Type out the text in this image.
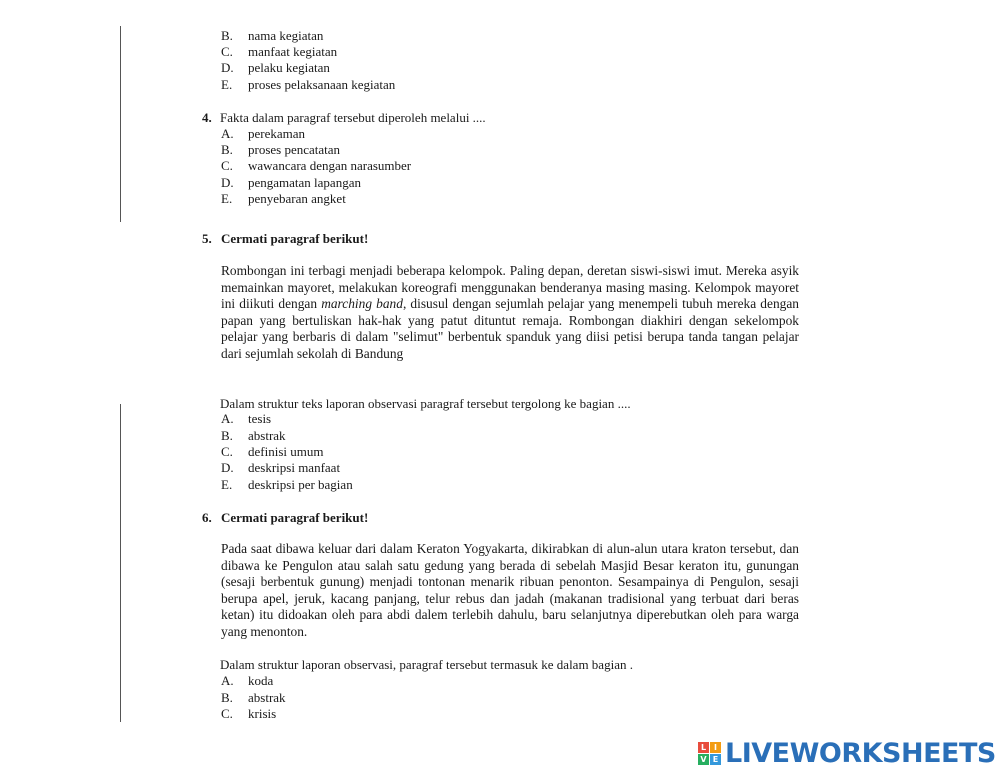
B. nama kegiatan
C. manfaat kegiatan
D. pelaku kegiatan
E. proses pelaksanaan kegiatan
4. Fakta dalam paragraf tersebut diperoleh melalui ....
A. perekaman
B. proses pencatatan
C. wawancara dengan narasumber
D. pengamatan lapangan
E. penyebaran angket
5. Cermati paragraf berikut!
Rombongan ini terbagi menjadi beberapa kelompok. Paling depan, deretan siswi-siswi imut. Mereka asyik memainkan mayoret, melakukan koreografi menggunakan benderanya masing masing. Kelompok mayoret ini diikuti dengan marching band, disusul dengan sejumlah pelajar yang menempeli tubuh mereka dengan papan yang bertuliskan hak-hak yang patut dituntut remaja. Rombongan diakhiri dengan sekelompok pelajar yang berbaris di dalam "selimut" berbentuk spanduk yang diisi petisi berupa tanda tangan pelajar dari sejumlah sekolah di Bandung
Dalam struktur teks laporan observasi paragraf tersebut tergolong ke bagian ....
A. tesis
B. abstrak
C. definisi umum
D. deskripsi manfaat
E. deskripsi per bagian
6. Cermati paragraf berikut!
Pada saat dibawa keluar dari dalam Keraton Yogyakarta, dikirabkan di alun-alun utara kraton tersebut, dan dibawa ke Pengulon atau salah satu gedung yang berada di sebelah Masjid Besar keraton itu, gunungan (sesaji berbentuk gunung) menjadi tontonan menarik ribuan penonton. Sesampainya di Pengulon, sesaji berupa apel, jeruk, kacang panjang, telur rebus dan jadah (makanan tradisional yang terbuat dari beras ketan) itu didoakan oleh para abdi dalem terlebih dahulu, baru selanjutnya diperebutkan oleh para warga yang menonton.
Dalam struktur laporan observasi, paragraf tersebut termasuk ke dalam bagian .
A. koda
B. abstrak
C. krisis
L I
V E LIVEWORKSHEETS
